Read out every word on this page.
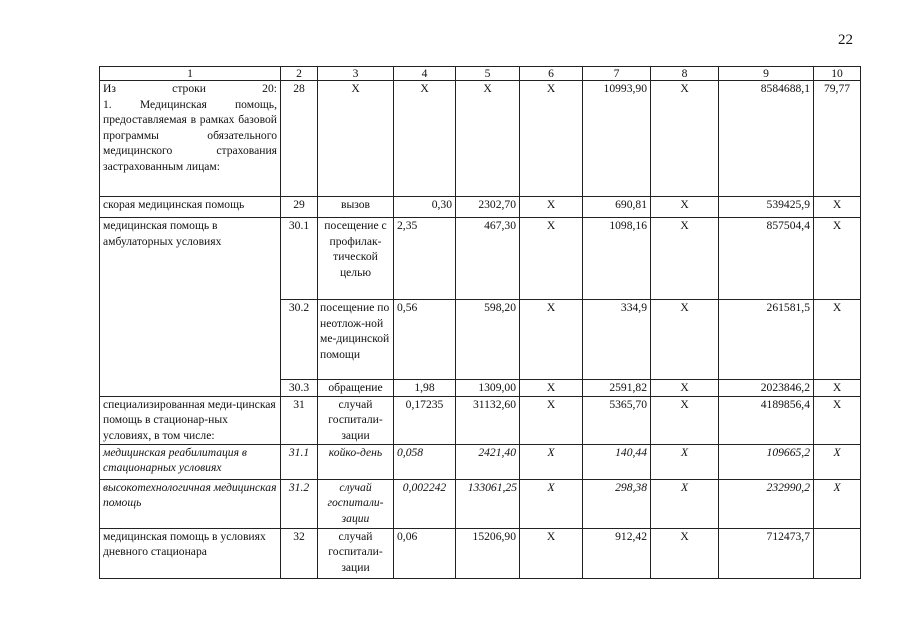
22
1	2	3	4	5	6	7	8	9	10

Из строки 20:
1. Медицинская помощь, предоставляемая в рамках базовой программы обязательного медицинского страхования застрахованным лицам:	28	Х	Х	Х	Х	10993,90	Х	8584688,1	79,77
скорая медицинская помощь	29	вызов	0,30	2302,70	Х	690,81	Х	539425,9	Х
медицинская помощь в амбулаторных условиях	30.1	посещение с профилак-тической целью	2,35	467,30	Х	1098,16	Х	857504,4	Х
	30.2	посещение по неотлож-ной ме-дицинской помощи	0,56	598,20	Х	334,9	Х	261581,5	Х
	30.3	обращение	1,98	1309,00	Х	2591,82	Х	2023846,2	Х
специализированная меди-цинская помощь в стационар-ных условиях, в том числе:	31	случай госпитали-зации	0,17235	31132,60	Х	5365,70	Х	4189856,4	Х
медицинская реабилитация в стационарных условиях	31.1	койко-день	0,058	2421,40	Х	140,44	Х	109665,2	Х
высокотехнологичная медицинская помощь	31.2	случай госпитали-зации	0,002242	133061,25	Х	298,38	Х	232990,2	Х
медицинская помощь в условиях дневного стационара	32	случай госпитали-зации	0,06	15206,90	Х	912,42	Х	712473,7	
